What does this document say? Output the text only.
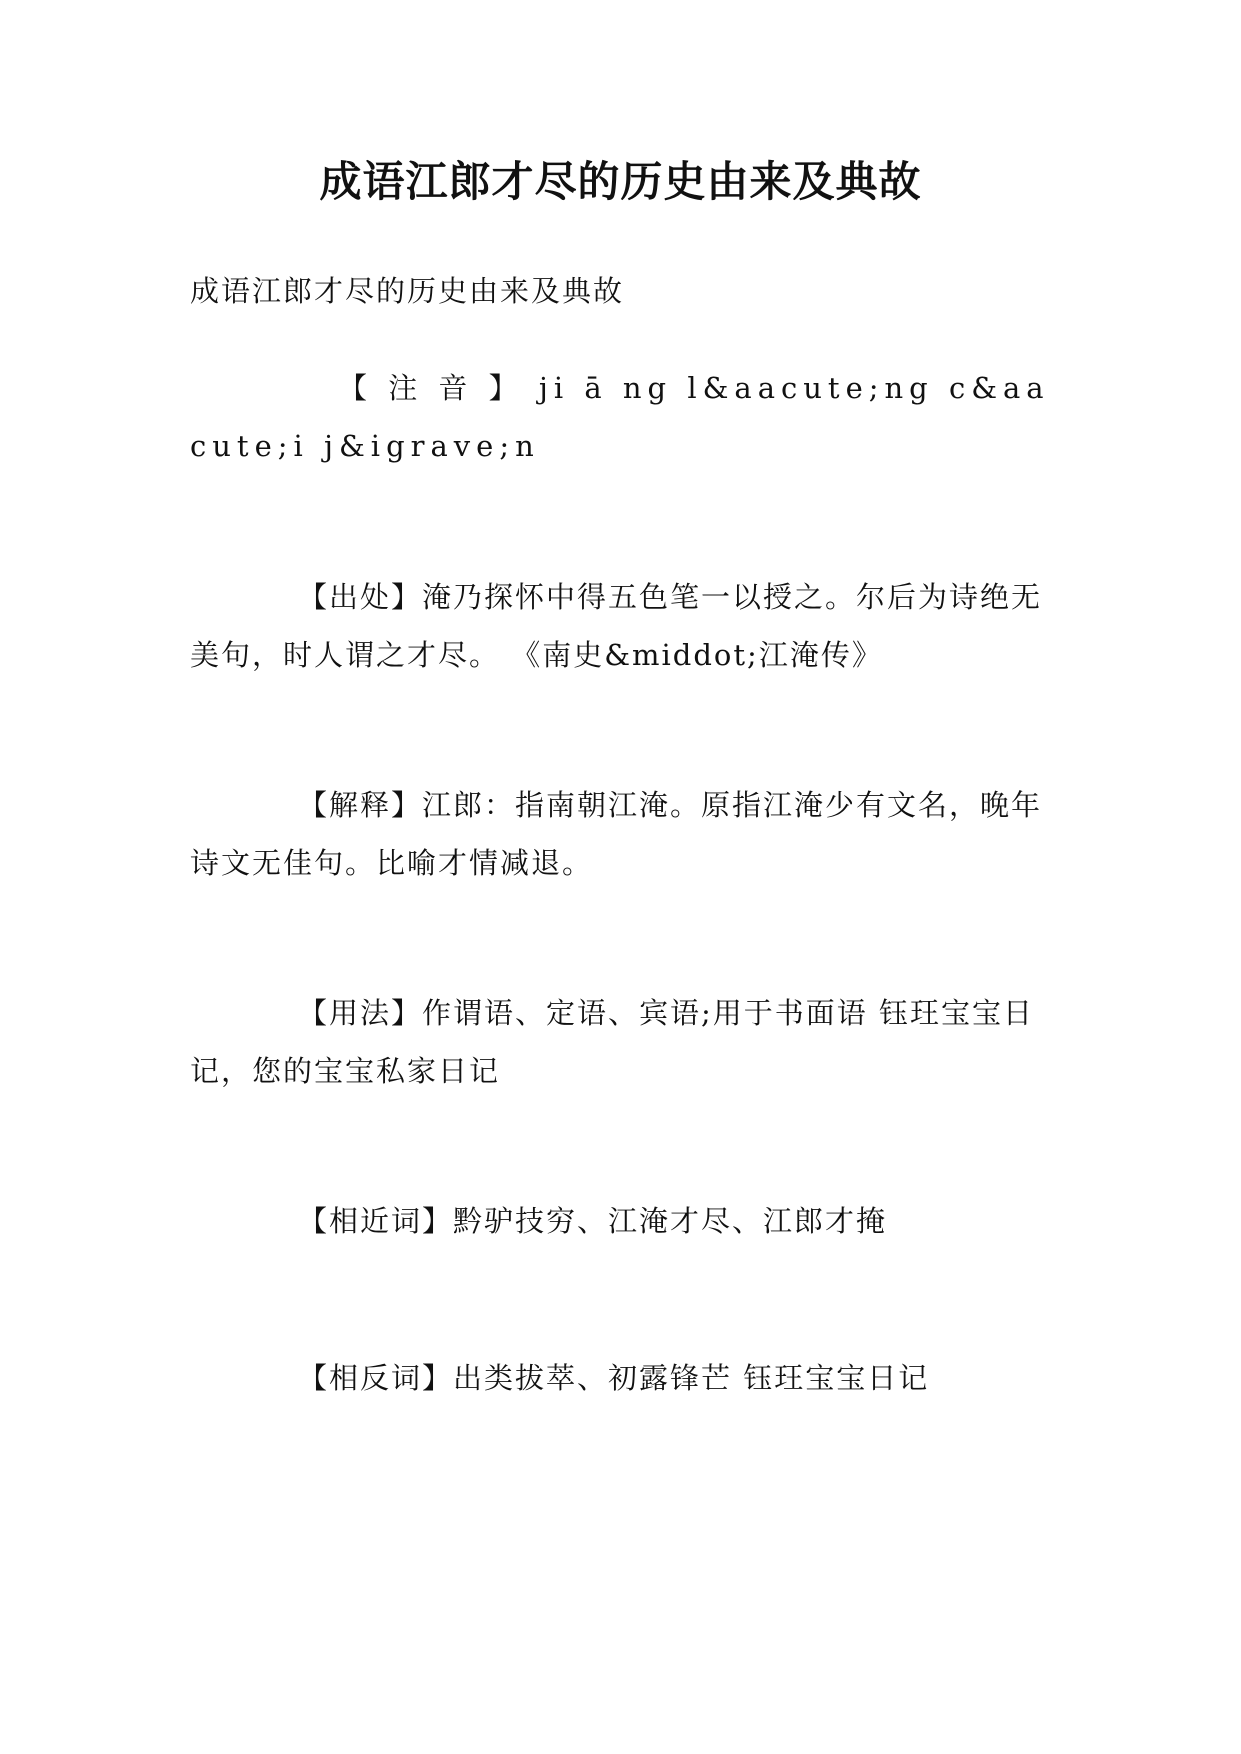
成语江郎才尽的历史由来及典故

成语江郎才尽的历史由来及典故

【 注 音 】 ji ā ng l&aacute;ng c&aacute;i j&igrave;n

【出处】淹乃探怀中得五色笔一以授之。尔后为诗绝无美句，时人谓之才尽。 《南史&middot;江淹传》

【解释】江郎：指南朝江淹。原指江淹少有文名，晚年诗文无佳句。比喻才情减退。

【用法】作谓语、定语、宾语;用于书面语 钰玨宝宝日记，您的宝宝私家日记

【相近词】黔驴技穷、江淹才尽、江郎才掩

【相反词】出类拔萃、初露锋芒 钰玨宝宝日记
